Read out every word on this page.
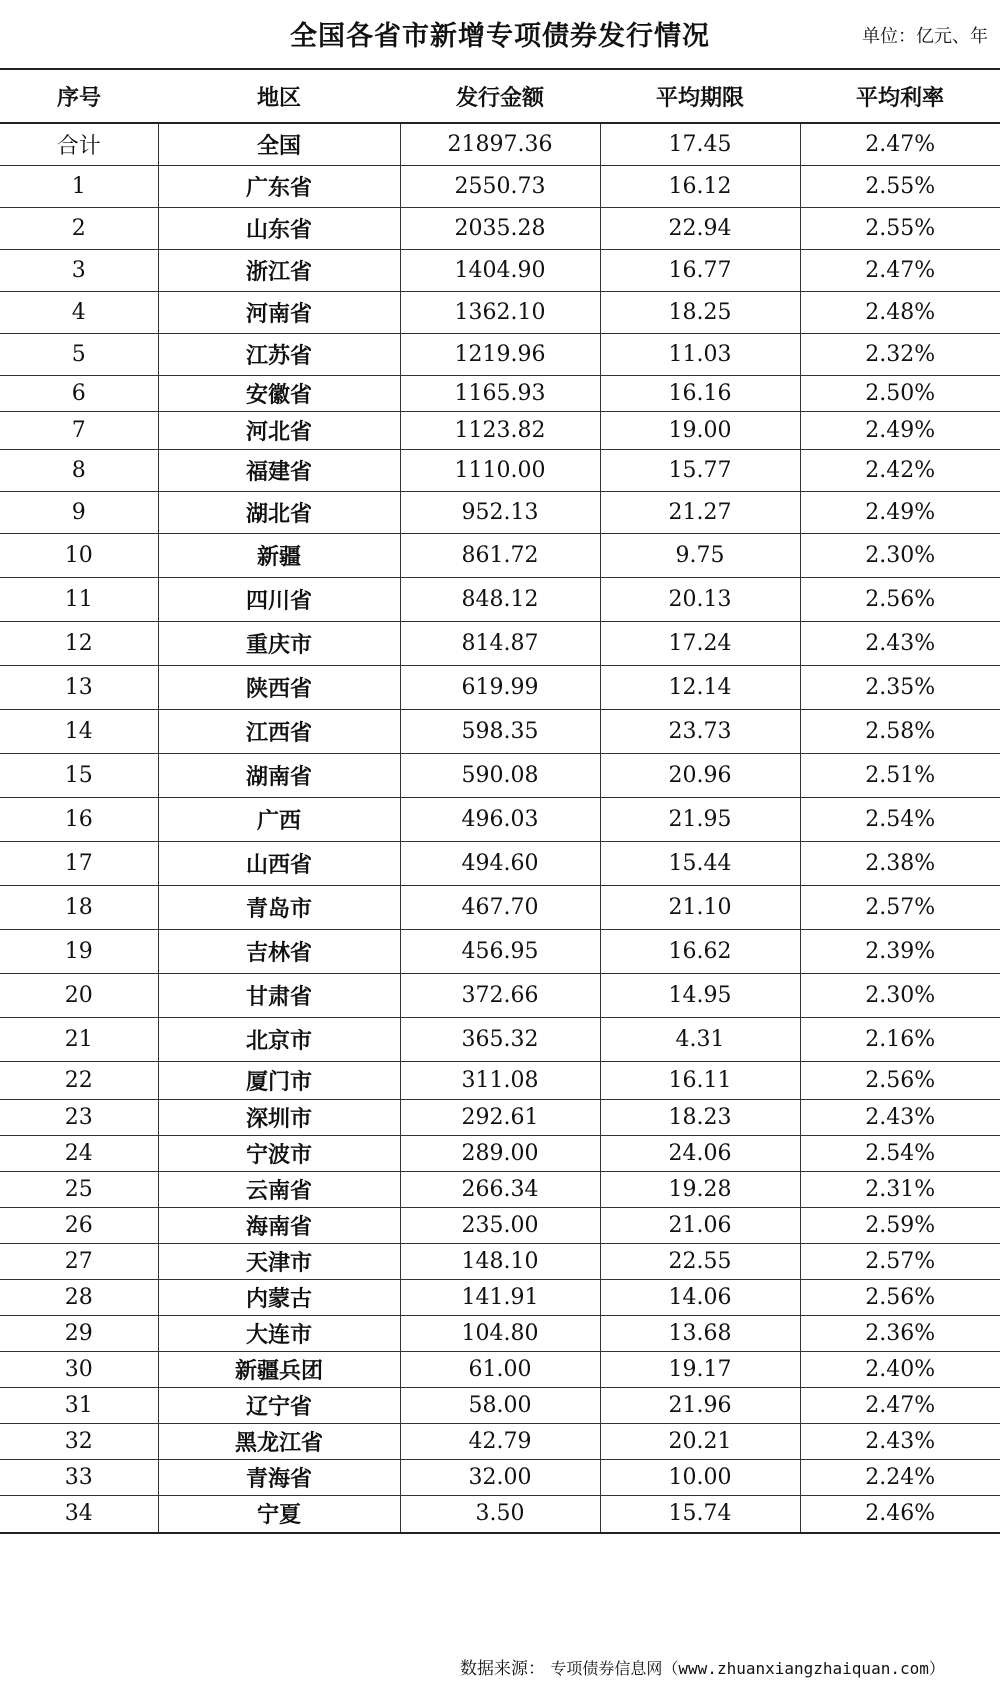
全国各省市新增专项债券发行情况	单位：亿元、年
序号	地区	发行金额	平均期限	平均利率
合计	全国	21897.36	17.45	2.47%
1	广东省	2550.73	16.12	2.55%
2	山东省	2035.28	22.94	2.55%
3	浙江省	1404.90	16.77	2.47%
4	河南省	1362.10	18.25	2.48%
5	江苏省	1219.96	11.03	2.32%
6	安徽省	1165.93	16.16	2.50%
7	河北省	1123.82	19.00	2.49%
8	福建省	1110.00	15.77	2.42%
9	湖北省	952.13	21.27	2.49%
10	新疆	861.72	9.75	2.30%
11	四川省	848.12	20.13	2.56%
12	重庆市	814.87	17.24	2.43%
13	陕西省	619.99	12.14	2.35%
14	江西省	598.35	23.73	2.58%
15	湖南省	590.08	20.96	2.51%
16	广西	496.03	21.95	2.54%
17	山西省	494.60	15.44	2.38%
18	青岛市	467.70	21.10	2.57%
19	吉林省	456.95	16.62	2.39%
20	甘肃省	372.66	14.95	2.30%
21	北京市	365.32	4.31	2.16%
22	厦门市	311.08	16.11	2.56%
23	深圳市	292.61	18.23	2.43%
24	宁波市	289.00	24.06	2.54%
25	云南省	266.34	19.28	2.31%
26	海南省	235.00	21.06	2.59%
27	天津市	148.10	22.55	2.57%
28	内蒙古	141.91	14.06	2.56%
29	大连市	104.80	13.68	2.36%
30	新疆兵团	61.00	19.17	2.40%
31	辽宁省	58.00	21.96	2.47%
32	黑龙江省	42.79	20.21	2.43%
33	青海省	32.00	10.00	2.24%
34	宁夏	3.50	15.74	2.46%
数据来源： 专项债券信息网（www.zhuanxiangzhaiquan.com）
